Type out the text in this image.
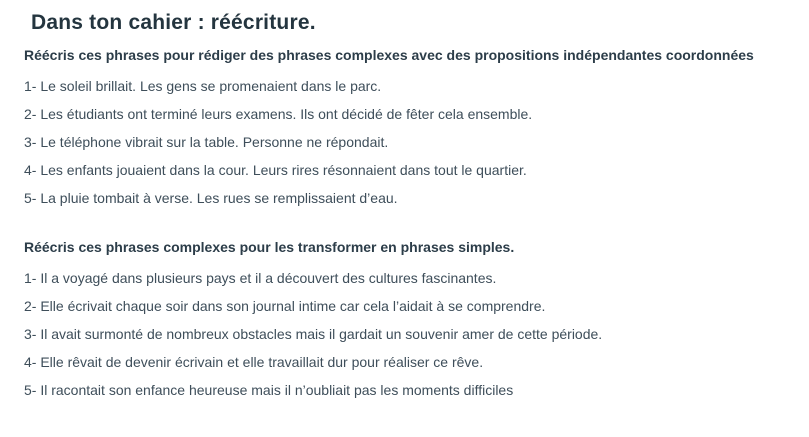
Dans ton cahier : réécriture.
Réécris ces phrases pour rédiger des phrases complexes avec des propositions indépendantes coordonnées

1- Le soleil brillait. Les gens se promenaient dans le parc.

2- Les étudiants ont terminé leurs examens. Ils ont décidé de fêter cela ensemble.

3- Le téléphone vibrait sur la table. Personne ne répondait.

4- Les enfants jouaient dans la cour. Leurs rires résonnaient dans tout le quartier.

5- La pluie tombait à verse. Les rues se remplissaient d’eau.

Réécris ces phrases complexes pour les transformer en phrases simples.

1- Il a voyagé dans plusieurs pays et il a découvert des cultures fascinantes.

2- Elle écrivait chaque soir dans son journal intime car cela l’aidait à se comprendre.

3- Il avait surmonté de nombreux obstacles mais il gardait un souvenir amer de cette période.

4- Elle rêvait de devenir écrivain et elle travaillait dur pour réaliser ce rêve.

5- Il racontait son enfance heureuse mais il n’oubliait pas les moments difficiles
